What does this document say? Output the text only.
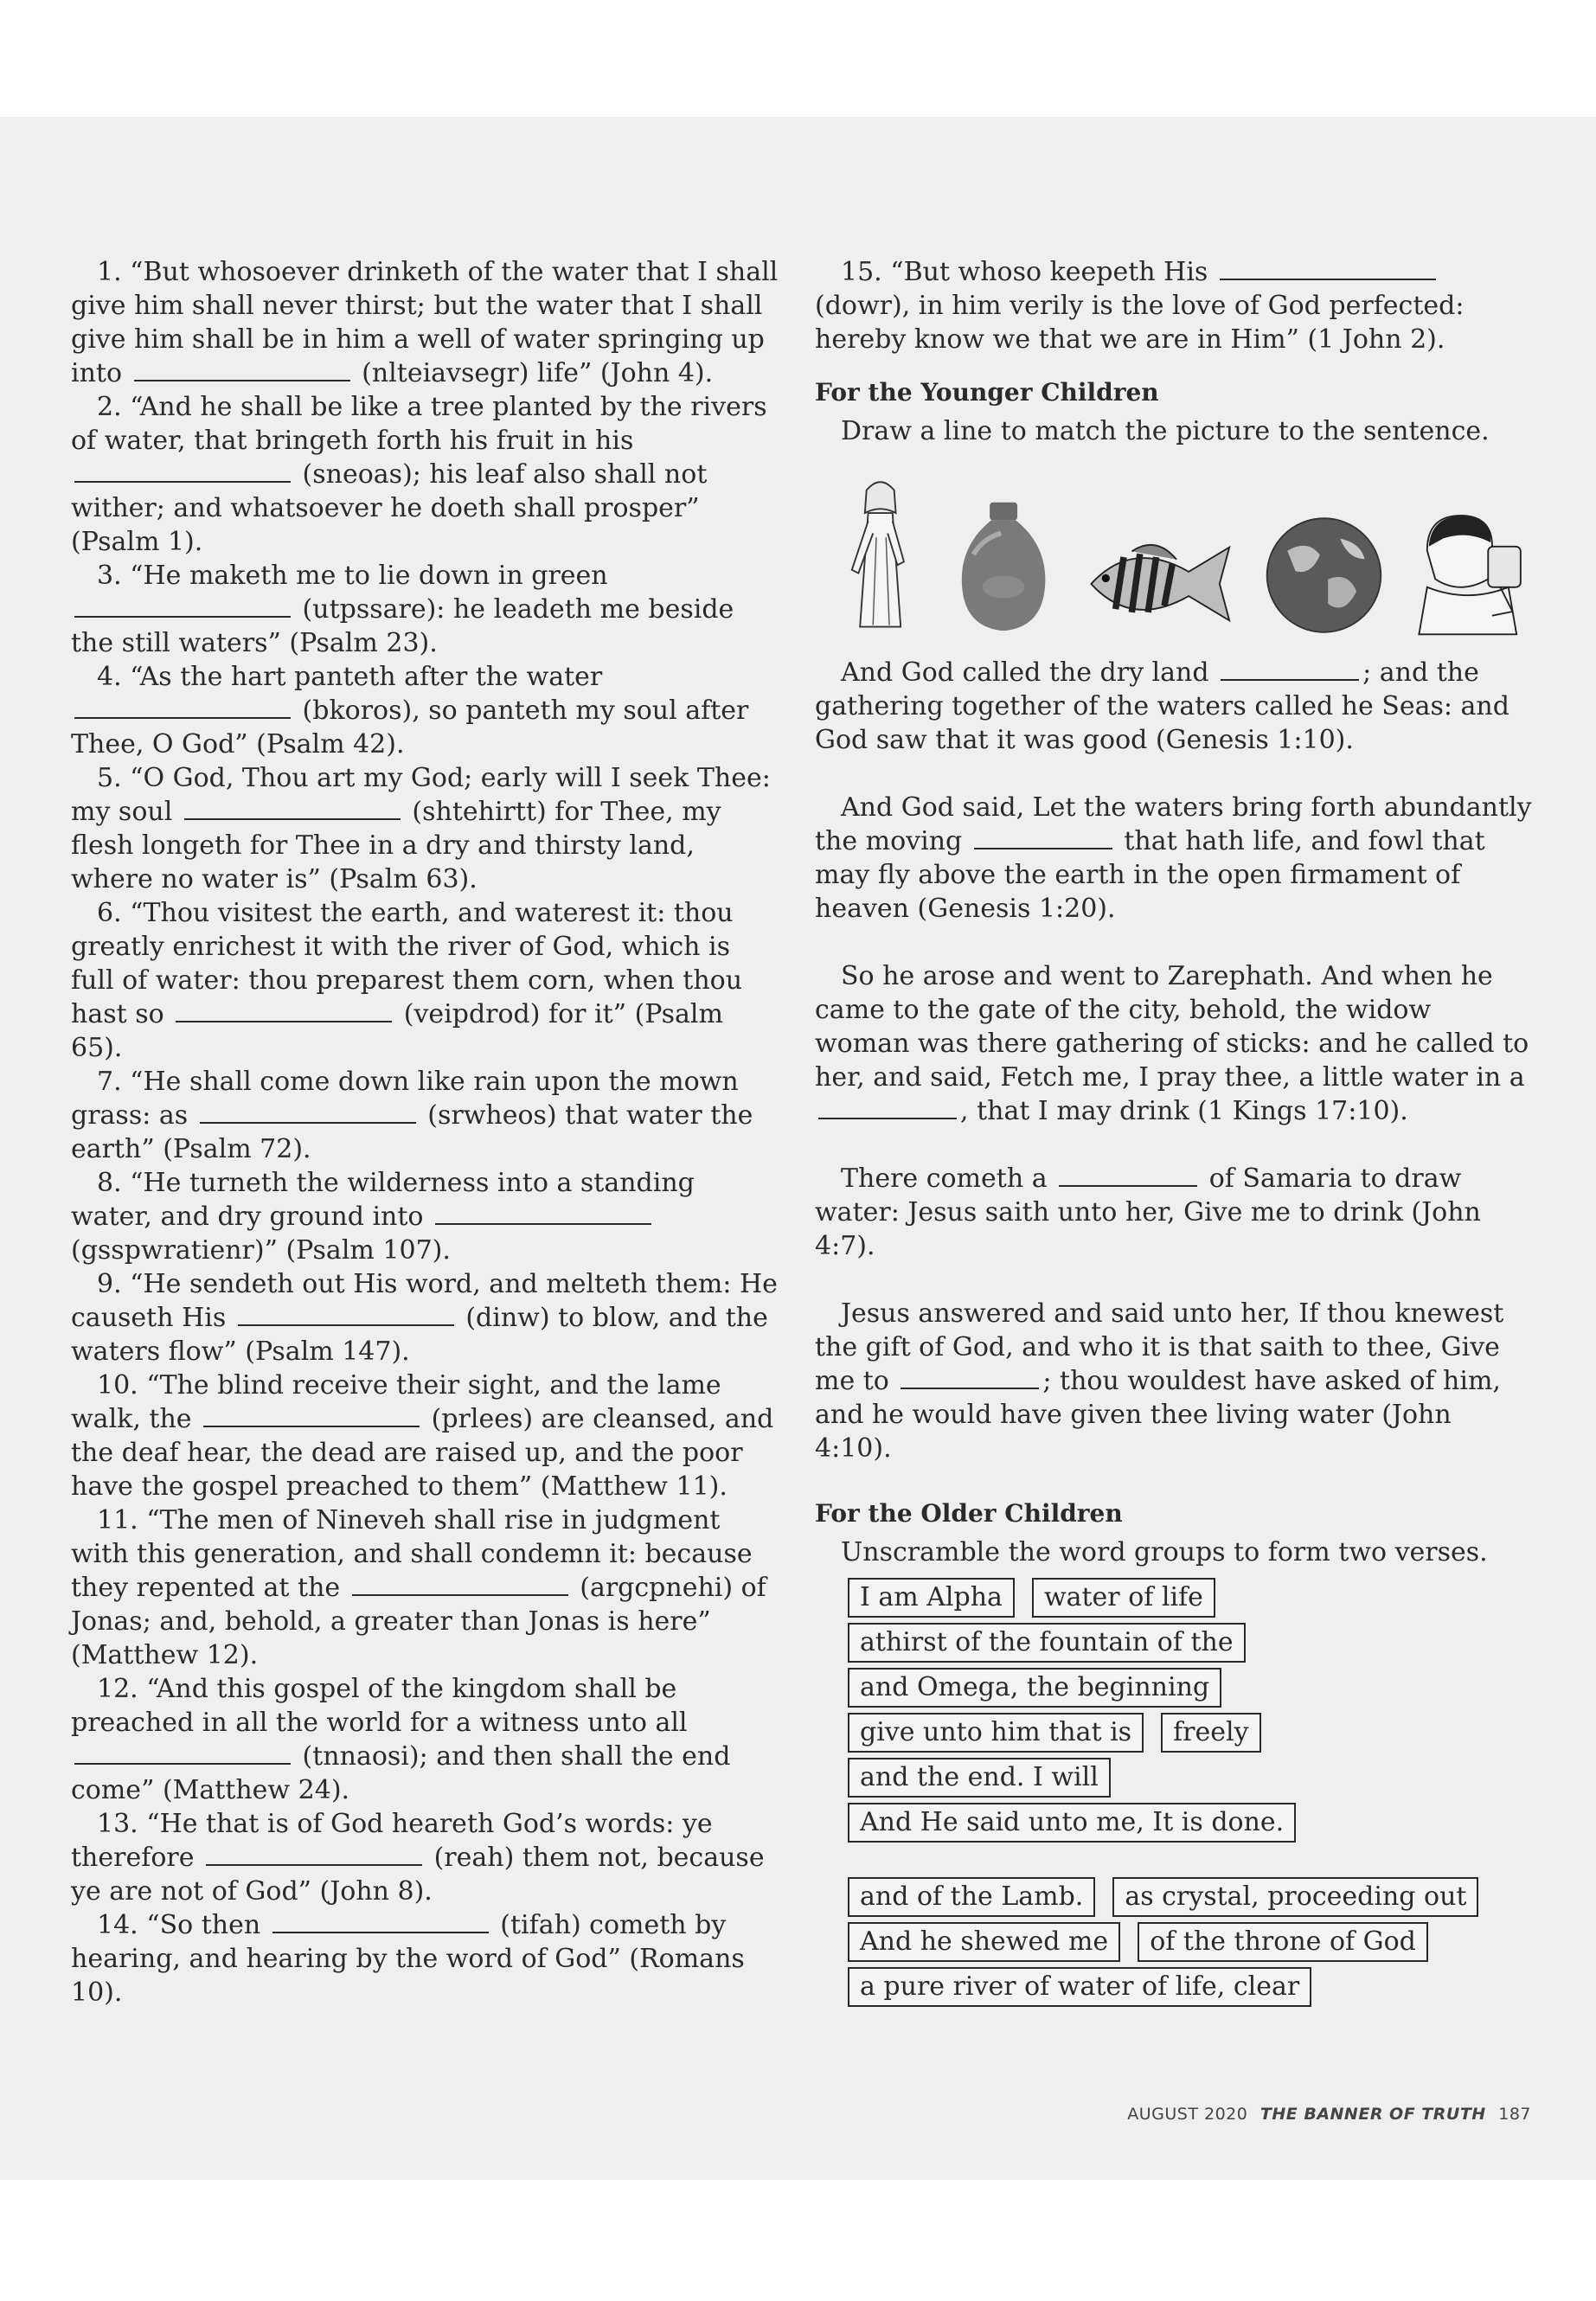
1. “But whosoever drinketh of the water that I shall give him shall never thirst; but the water that I shall give him shall be in him a well of water springing up into	(nlteiavsegr) life” (John 4).

2. “And he shall be like a tree planted by the rivers of water, that bringeth forth his fruit in his  (sneoas); his leaf also shall not wither; and whatsoever he doeth shall prosper” (Psalm 1).

3. “He maketh me to lie down in green  (utpssare): he leadeth me beside the still waters” (Psalm 23).

4. “As the hart panteth after the water  (bkoros), so panteth my soul after Thee, O God” (Psalm 42).

5. “O God, Thou art my God; early will I seek Thee: my soul	(shtehirtt) for Thee, my flesh longeth for Thee in a dry and thirsty land, where no water is” (Psalm 63).

6. “Thou visitest the earth, and waterest it: thou greatly enrichest it with the river of God, which is full of water: thou preparest them corn, when thou hast so	(veipdrod) for it” (Psalm 65).

7. “He shall come down like rain upon the mown grass: as	(srwheos) that water the earth” (Psalm 72).

8. “He turneth the wilderness into a standing water, and dry ground into  (gsspwratienr)” (Psalm 107).

9. “He sendeth out His word, and melteth them: He causeth His	(dinw) to blow, and the waters flow” (Psalm 147).

10. “The blind receive their sight, and the lame walk, the	(prlees) are cleansed, and the deaf hear, the dead are raised up, and the poor have the gospel preached to them” (Matthew 11).

11. “The men of Nineveh shall rise in judgment with this generation, and shall condemn it: because they repented at the	(argcpnehi) of Jonas; and, behold, a greater than Jonas is here” (Matthew 12).

12. “And this gospel of the kingdom shall be preached in all the world for a witness unto all  (tnnaosi); and then shall the end come” (Matthew 24).

13. “He that is of God heareth God’s words: ye therefore	(reah) them not, because ye are not of God” (John 8).

14. “So then	(tifah) cometh by hearing, and hearing by the word of God” (Romans 10).

15. “But whoso keepeth His  (dowr), in him verily is the love of God perfected: hereby know we that we are in Him” (1 John 2).

For the Younger Children

Draw a line to match the picture to the sentence.

And God called the dry land	; and the gathering together of the waters called he Seas: and God saw that it was good (Genesis 1:10).

And God said, Let the waters bring forth abundantly the moving	that hath life, and fowl that may fly above the earth in the open firmament of heaven (Genesis 1:20).

So he arose and went to Zarephath. And when he came to the gate of the city, behold, the widow woman was there gathering of sticks: and he called to her, and said, Fetch me, I pray thee, a little water in a , that I may drink (1 Kings 17:10).

There cometh a	of Samaria to draw water: Jesus saith unto her, Give me to drink (John 4:7).

Jesus answered and said unto her, If thou knewest the gift of God, and who it is that saith to thee, Give me to	; thou wouldest have asked of him, and he would have given thee living water (John 4:10).

For the Older Children

Unscramble the word groups to form two verses.

I am Alpha	water of life
athirst of the fountain of the
and Omega, the beginning
give unto him that is	freely
and the end. I will
And He said unto me, It is done.
and of the Lamb.	as crystal, proceeding out
And he shewed me	of the throne of God
a pure river of water of life, clear
AUGUST 2020 THE BANNER OF TRUTH 187
